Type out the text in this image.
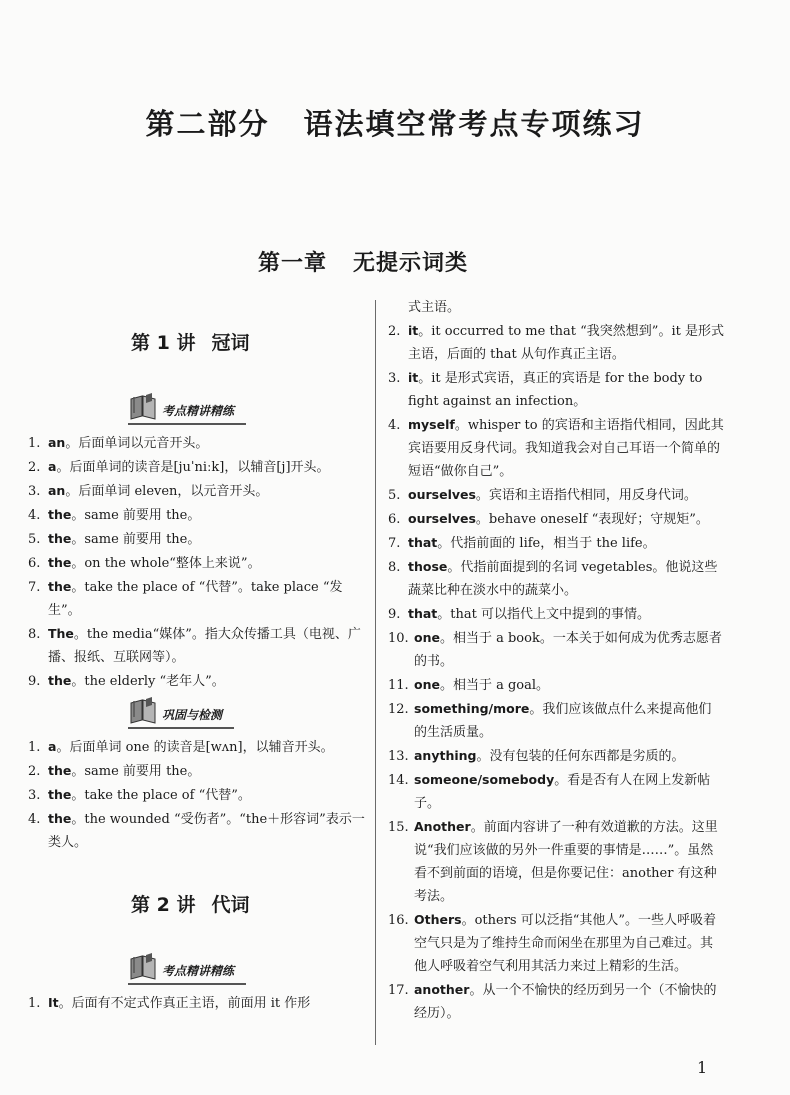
第二部分 语法填空常考点专项练习
第一章 无提示词类
第 1 讲 冠词
考点精讲精练
1. an。后面单词以元音开头。
2. a。后面单词的读音是[juˈniːk]，以辅音[j]开头。
3. an。后面单词 eleven，以元音开头。
4. the。same 前要用 the。
5. the。same 前要用 the。
6. the。on the whole“整体上来说”。
7. the。take the place of “代替”。take place “发生”。
8. The。the media“媒体”。指大众传播工具（电视、广播、报纸、互联网等）。
9. the。the elderly “老年人”。
巩固与检测
1. a。后面单词 one 的读音是[wʌn]，以辅音开头。
2. the。same 前要用 the。
3. the。take the place of “代替”。
4. the。the wounded “受伤者”。“the＋形容词”表示一类人。
第 2 讲 代词
考点精讲精练
1. It。后面有不定式作真正主语，前面用 it 作形
式主语。
2. it。it occurred to me that “我突然想到”。it 是形式主语，后面的 that 从句作真正主语。
3. it。it 是形式宾语，真正的宾语是 for the body to fight against an infection。
4. myself。whisper to 的宾语和主语指代相同，因此其宾语要用反身代词。我知道我会对自己耳语一个简单的短语“做你自己”。
5. ourselves。宾语和主语指代相同，用反身代词。
6. ourselves。behave oneself “表现好；守规矩”。
7. that。代指前面的 life，相当于 the life。
8. those。代指前面提到的名词 vegetables。他说这些蔬菜比种在淡水中的蔬菜小。
9. that。that 可以指代上文中提到的事情。
10. one。相当于 a book。一本关于如何成为优秀志愿者的书。
11. one。相当于 a goal。
12. something/more。我们应该做点什么来提高他们的生活质量。
13. anything。没有包装的任何东西都是劣质的。
14. someone/somebody。看是否有人在网上发新帖子。
15. Another。前面内容讲了一种有效道歉的方法。这里说“我们应该做的另外一件重要的事情是……”。虽然看不到前面的语境，但是你要记住：another 有这种考法。
16. Others。others 可以泛指“其他人”。一些人呼吸着空气只是为了维持生命而闲坐在那里为自己难过。其他人呼吸着空气利用其活力来过上精彩的生活。
17. another。从一个不愉快的经历到另一个（不愉快的经历）。
1
